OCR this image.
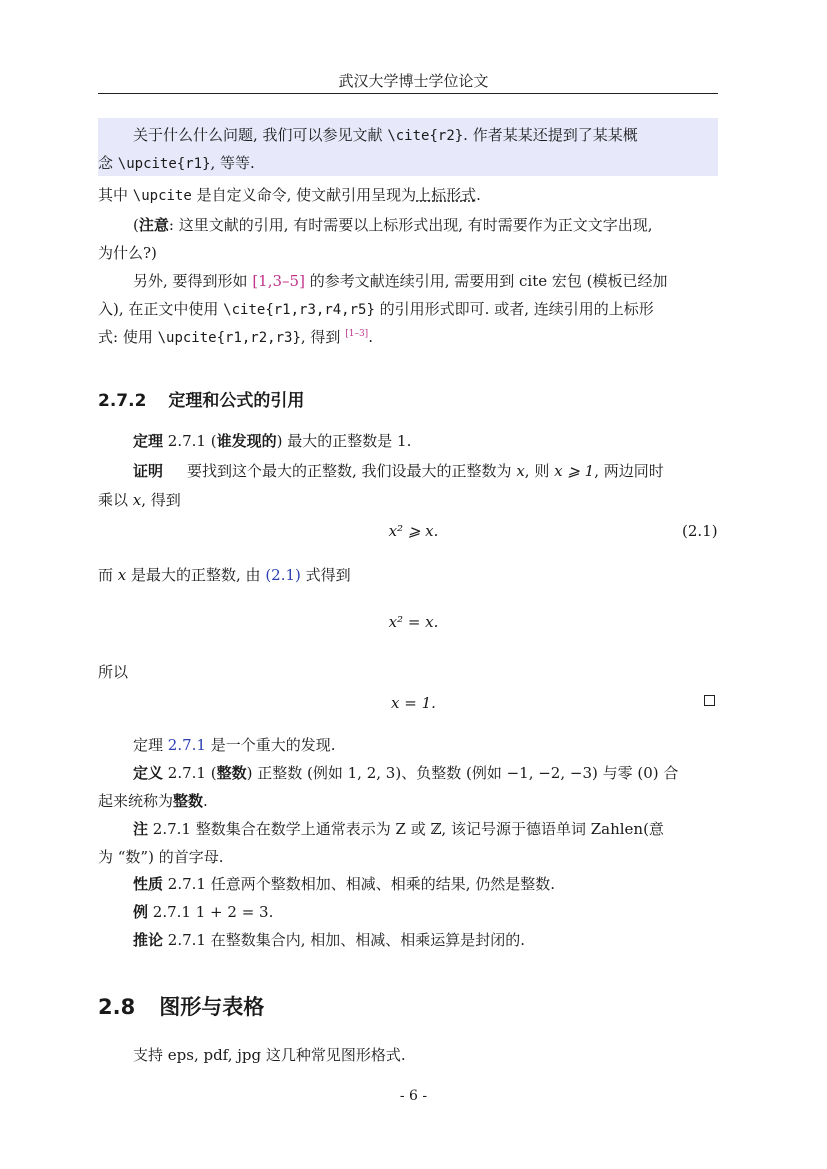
武汉大学博士学位论文
关于什么什么问题, 我们可以参见文献 \cite{r2}. 作者某某还提到了某某概
念 \upcite{r1}, 等等.
其中 \upcite 是自定义命令, 使文献引用呈现为上标形式.
(注意: 这里文献的引用, 有时需要以上标形式出现, 有时需要作为正文文字出现,
为什么?)
另外, 要得到形如 [1,3–5] 的参考文献连续引用, 需要用到 cite 宏包 (模板已经加
入), 在正文中使用 \cite{r1,r3,r4,r5} 的引用形式即可. 或者, 连续引用的上标形
式: 使用 \upcite{r1,r2,r3}, 得到 [1–3].
2.7.2 定理和公式的引用
定理 2.7.1 (谁发现的) 最大的正整数是 1.
证明 要找到这个最大的正整数, 我们设最大的正整数为 x, 则 x ⩾ 1, 两边同时
乘以 x, 得到
x² ⩾ x.	(2.1)
而 x 是最大的正整数, 由 (2.1) 式得到
x² = x.
所以
x = 1.
定理 2.7.1 是一个重大的发现.
定义 2.7.1 (整数) 正整数 (例如 1, 2, 3)、负整数 (例如 −1, −2, −3) 与零 (0) 合
起来统称为整数.
注 2.7.1 整数集合在数学上通常表示为 Z 或 ℤ, 该记号源于德语单词 Zahlen(意
为 “数”) 的首字母.
性质 2.7.1 任意两个整数相加、相减、相乘的结果, 仍然是整数.
例 2.7.1 1 + 2 = 3.
推论 2.7.1 在整数集合内, 相加、相减、相乘运算是封闭的.
2.8 图形与表格
支持 eps, pdf, jpg 这几种常见图形格式.
- 6 -
